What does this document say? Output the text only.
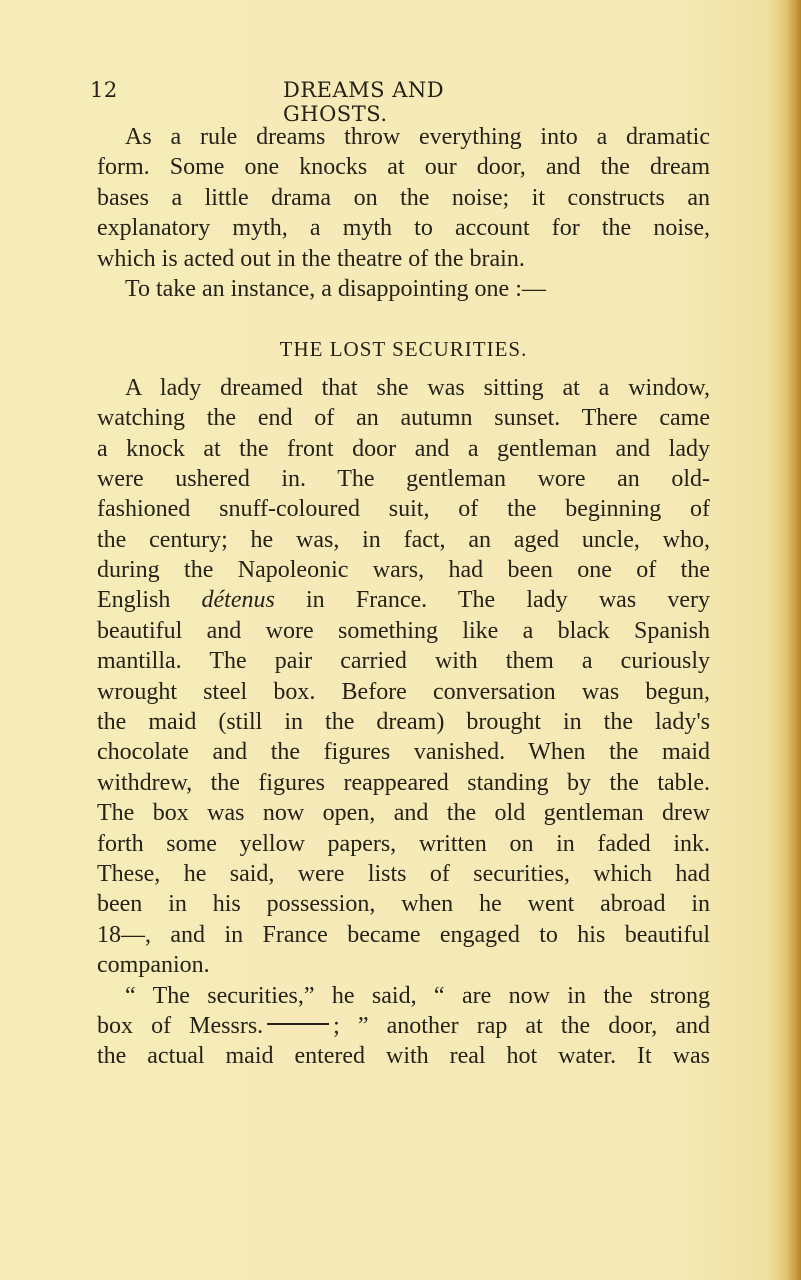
12	DREAMS AND GHOSTS.
As a rule dreams throw everything into a dramatic
form. Some one knocks at our door, and the dream
bases a little drama on the noise; it constructs an
explanatory myth, a myth to account for the noise,
which is acted out in the theatre of the brain.
To take an instance, a disappointing one :—
THE LOST SECURITIES.
A lady dreamed that she was sitting at a window,
watching the end of an autumn sunset. There came
a knock at the front door and a gentleman and lady
were ushered in. The gentleman wore an old-
fashioned snuff-coloured suit, of the beginning of
the century; he was, in fact, an aged uncle, who,
during the Napoleonic wars, had been one of the
English détenus in France. The lady was very
beautiful and wore something like a black Spanish
mantilla. The pair carried with them a curiously
wrought steel box. Before conversation was begun,
the maid (still in the dream) brought in the lady's
chocolate and the figures vanished. When the maid
withdrew, the figures reappeared standing by the table.
The box was now open, and the old gentleman drew
forth some yellow papers, written on in faded ink.
These, he said, were lists of securities, which had
been in his possession, when he went abroad in
18—, and in France became engaged to his beautiful
companion.
“ The securities,” he said, “ are now in the strong
box of Messrs.	; ” another rap at the door, and
the actual maid entered with real hot water. It was
